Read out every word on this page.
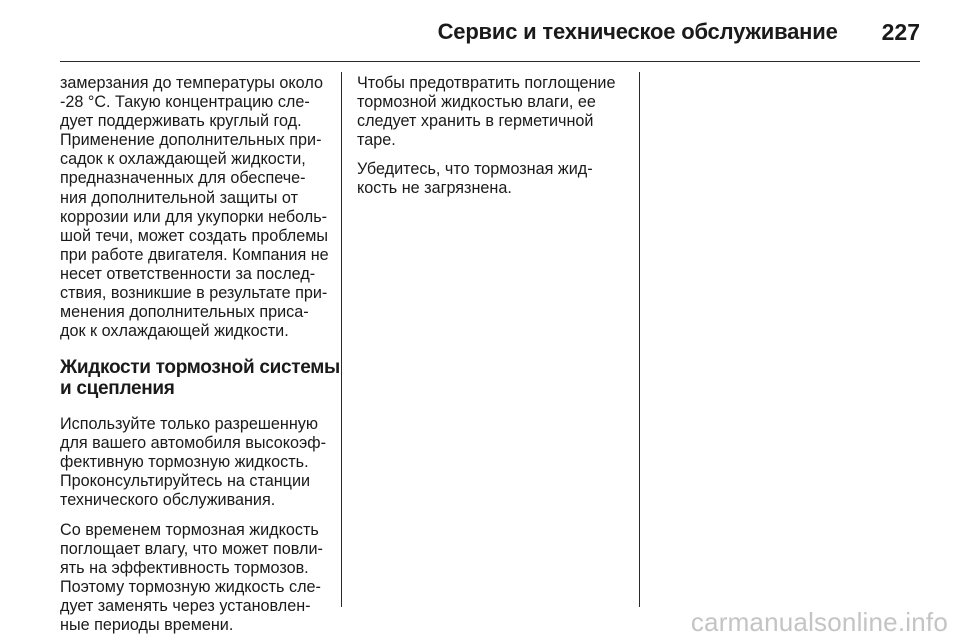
Сервис и техническое обслуживание 227

замерзания до температуры около
-28 °C. Такую концентрацию сле-
дует поддерживать круглый год.
Применение дополнительных при-
садок к охлаждающей жидкости,
предназначенных для обеспече-
ния дополнительной защиты от
коррозии или для укупорки неболь-
шой течи, может создать проблемы
при работе двигателя. Компания не
несет ответственности за послед-
ствия, возникшие в результате при-
менения дополнительных приса-
док к охлаждающей жидкости.

Жидкости тормозной системы
и сцепления

Используйте только разрешенную
для вашего автомобиля высокоэф-
фективную тормозную жидкость.
Проконсультируйтесь на станции
технического обслуживания.

Со временем тормозная жидкость
поглощает влагу, что может повли-
ять на эффективность тормозов.
Поэтому тормозную жидкость сле-
дует заменять через установлен-
ные периоды времени.

Чтобы предотвратить поглощение
тормозной жидкостью влаги, ее
следует хранить в герметичной
таре.

Убедитесь, что тормозная жид-
кость не загрязнена.

carmanualsonline.info
